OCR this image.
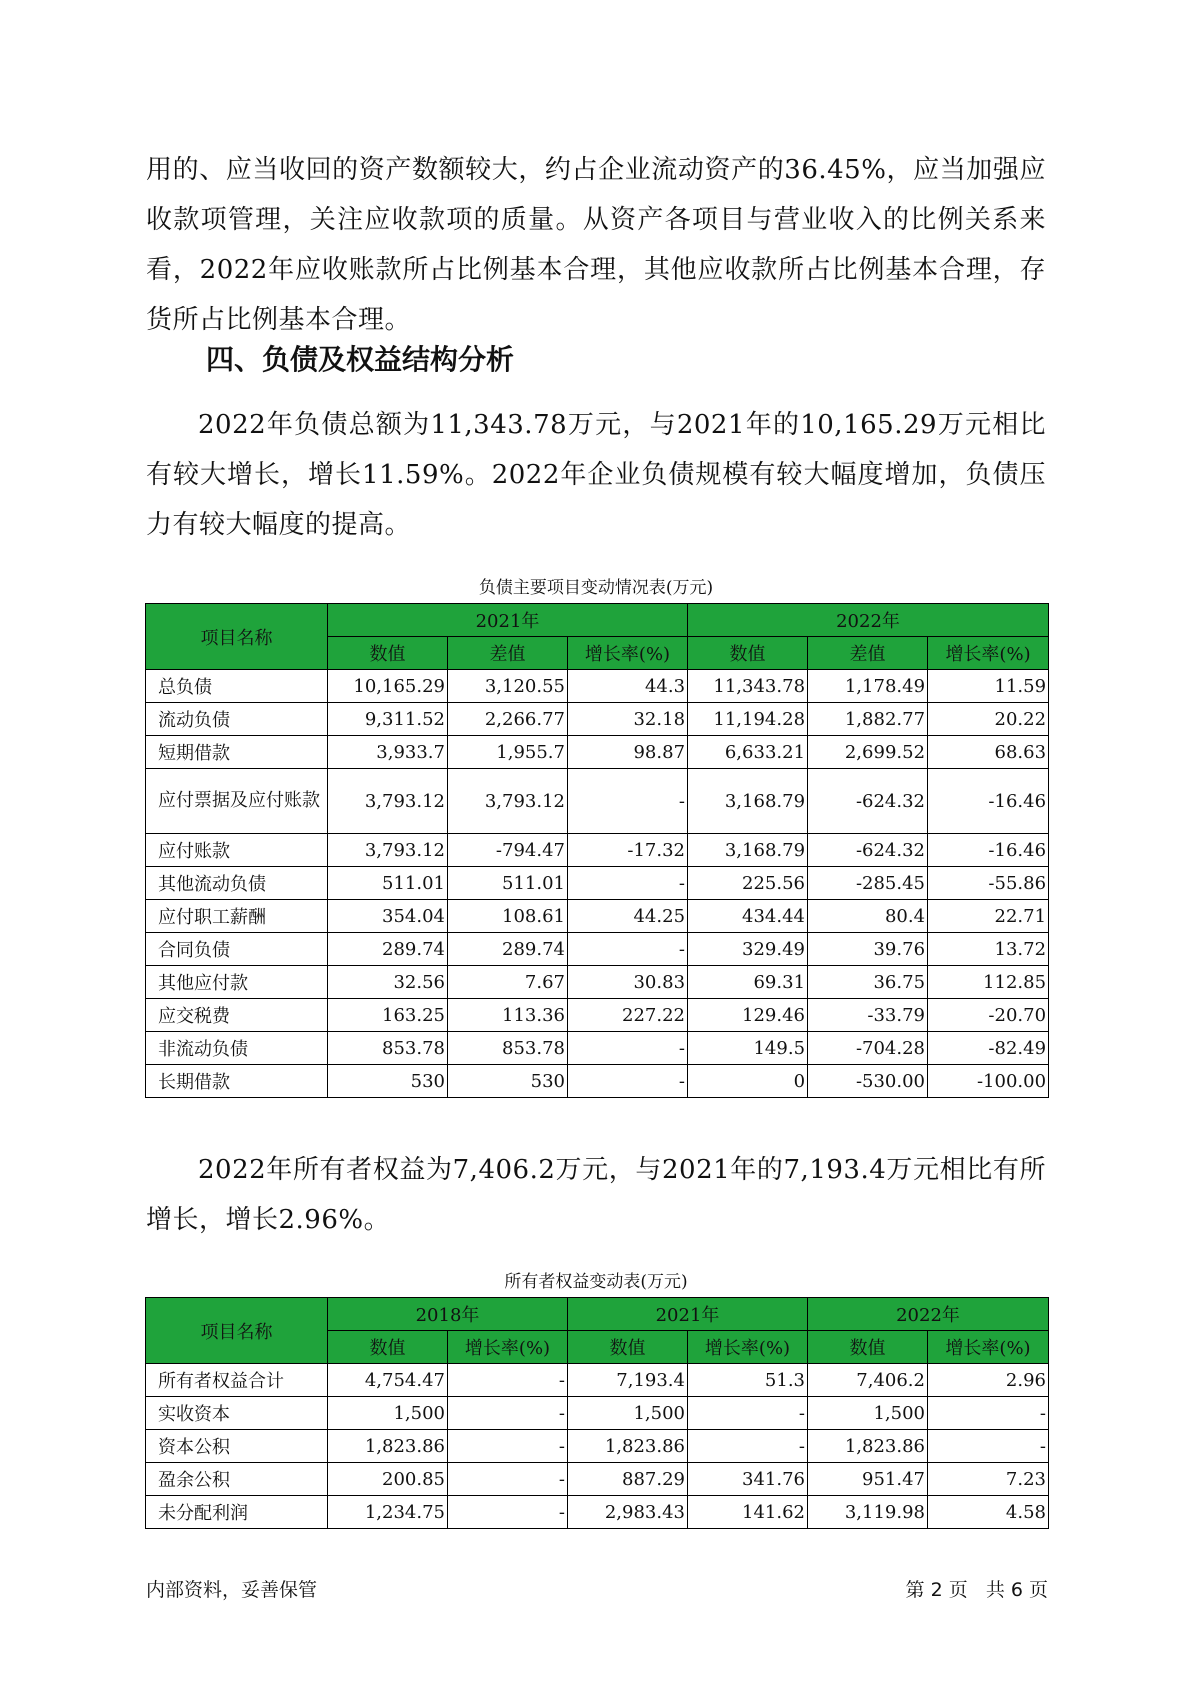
用的、应当收回的资产数额较大，约占企业流动资产的36.45%，应当加强应收款项管理，关注应收款项的质量。从资产各项目与营业收入的比例关系来看，2022年应收账款所占比例基本合理，其他应收款所占比例基本合理，存货所占比例基本合理。

四、负债及权益结构分析

2022年负债总额为11,343.78万元，与2021年的10,165.29万元相比有较大增长，增长11.59%。2022年企业负债规模有较大幅度增加，负债压力有较大幅度的提高。

负债主要项目变动情况表(万元)
项目名称	2021年			2022年		
	数值	差值	增长率(%)	数值	差值	增长率(%)
总负债	10,165.29	3,120.55	44.3	11,343.78	1,178.49	11.59
流动负债	9,311.52	2,266.77	32.18	11,194.28	1,882.77	20.22
短期借款	3,933.7	1,955.7	98.87	6,633.21	2,699.52	68.63
应付票据及应付账款	3,793.12	3,793.12	-	3,168.79	-624.32	-16.46
应付账款	3,793.12	-794.47	-17.32	3,168.79	-624.32	-16.46
其他流动负债	511.01	511.01	-	225.56	-285.45	-55.86
应付职工薪酬	354.04	108.61	44.25	434.44	80.4	22.71
合同负债	289.74	289.74	-	329.49	39.76	13.72
其他应付款	32.56	7.67	30.83	69.31	36.75	112.85
应交税费	163.25	113.36	227.22	129.46	-33.79	-20.70
非流动负债	853.78	853.78	-	149.5	-704.28	-82.49
长期借款	530	530	-	0	-530.00	-100.00

2022年所有者权益为7,406.2万元，与2021年的7,193.4万元相比有所增长，增长2.96%。

所有者权益变动表(万元)
项目名称	2018年		2021年		2022年	
	数值	增长率(%)	数值	增长率(%)	数值	增长率(%)
所有者权益合计	4,754.47	-	7,193.4	51.3	7,406.2	2.96
实收资本	1,500	-	1,500	-	1,500	-
资本公积	1,823.86	-	1,823.86	-	1,823.86	-
盈余公积	200.85	-	887.29	341.76	951.47	7.23
未分配利润	1,234.75	-	2,983.43	141.62	3,119.98	4.58
内部资料，妥善保管	第 2 页   共 6 页
